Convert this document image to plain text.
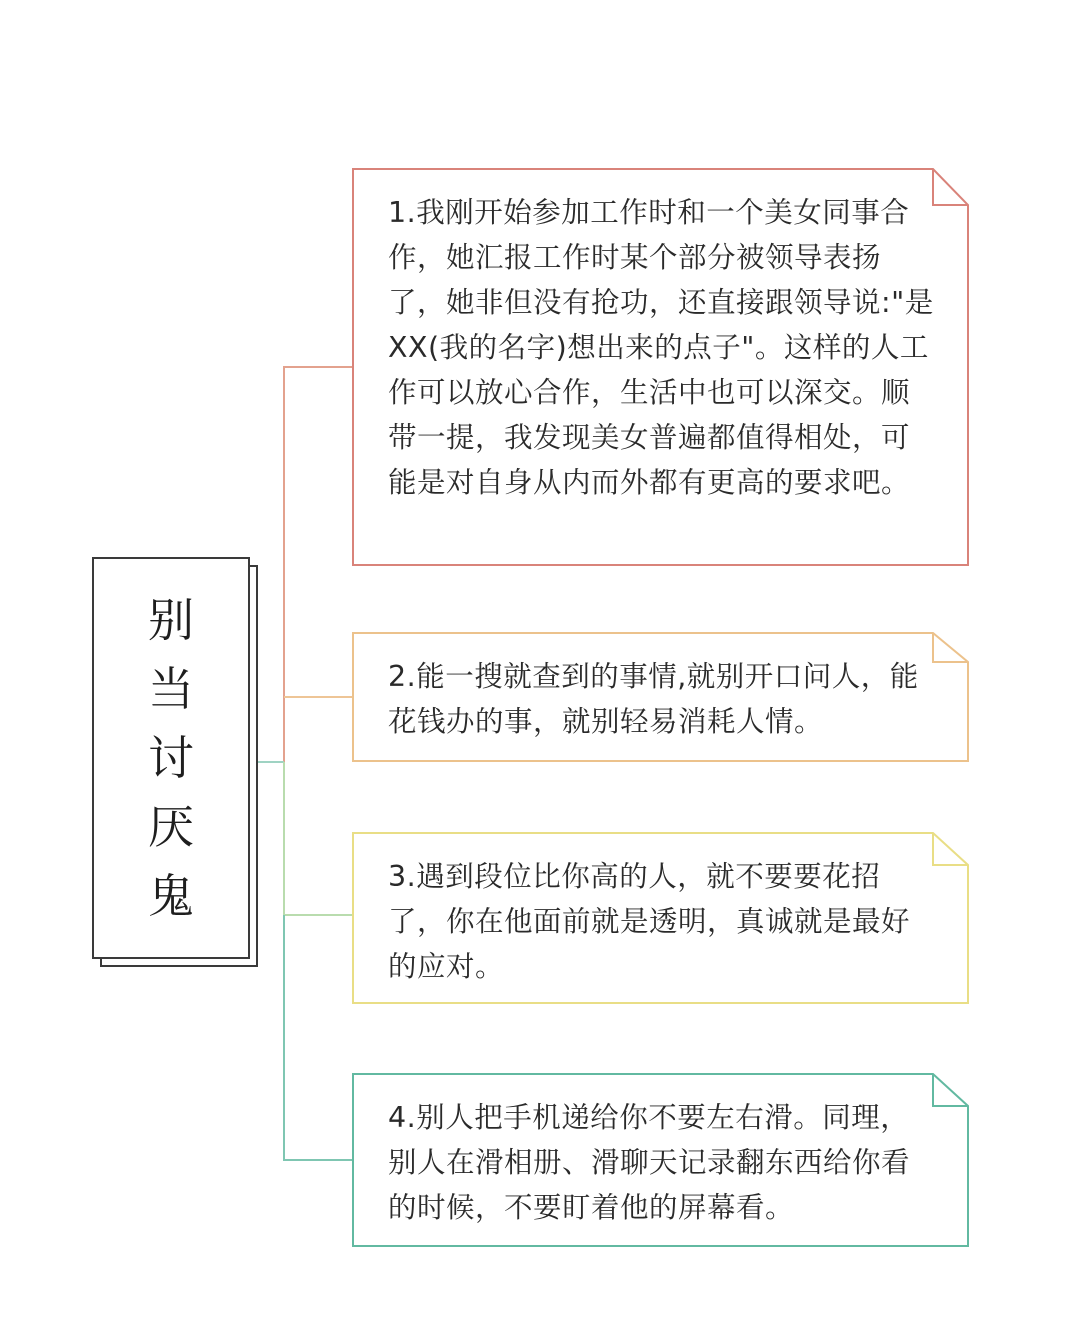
别当讨厌鬼
1.我刚开始参加工作时和一个美女同事合作，她汇报工作时某个部分被领导表扬了，她非但没有抢功，还直接跟领导说:"是XX(我的名字)想出来的点子"。这样的人工作可以放心合作，生活中也可以深交。顺带一提，我发现美女普遍都值得相处，可能是对自身从内而外都有更高的要求吧。
2.能一搜就查到的事情,就别开口问人，能花钱办的事，就别轻易消耗人情。
3.遇到段位比你高的人，就不要要花招了，你在他面前就是透明，真诚就是最好的应对。
4.别人把手机递给你不要左右滑。同理，别人在滑相册、滑聊天记录翻东西给你看的时候，不要盯着他的屏幕看。
